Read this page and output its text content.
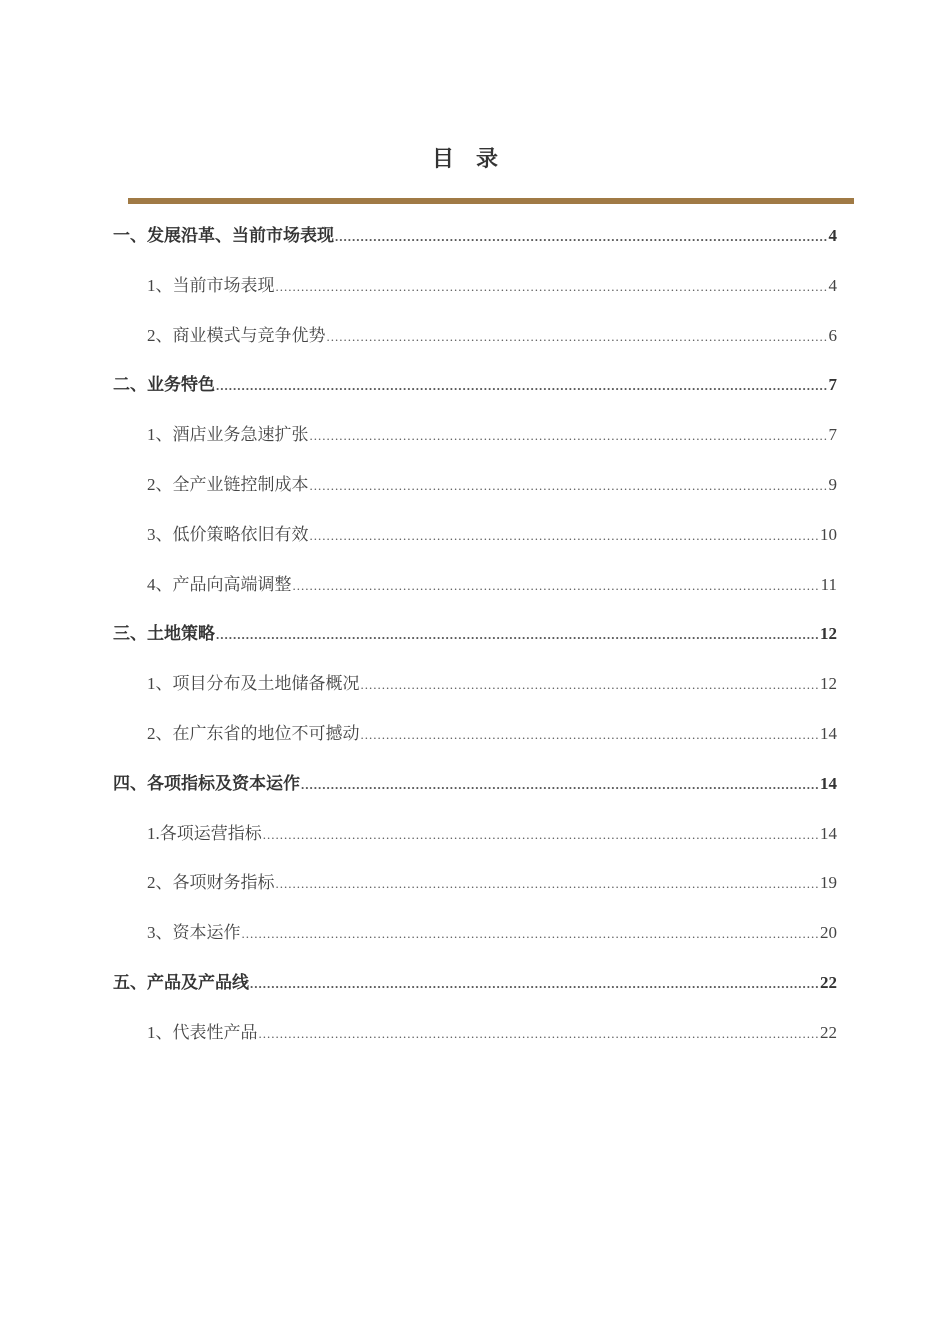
目录
一、发展沿革、当前市场表现 .....	4
1、当前市场表现 .....	4
2、商业模式与竞争优势 .....	6
二、业务特色 .....	7
1、酒店业务急速扩张 .....	7
2、全产业链控制成本 .....	9
3、低价策略依旧有效 .....	10
4、产品向高端调整 .....	11
三、土地策略 .....	12
1、项目分布及土地储备概况 .....	12
2、在广东省的地位不可撼动 .....	14
四、各项指标及资本运作 .....	14
1.各项运营指标 .....	14
2、各项财务指标 .....	19
3、资本运作 .....	20
五、产品及产品线 .....	22
1、代表性产品 .....	22
